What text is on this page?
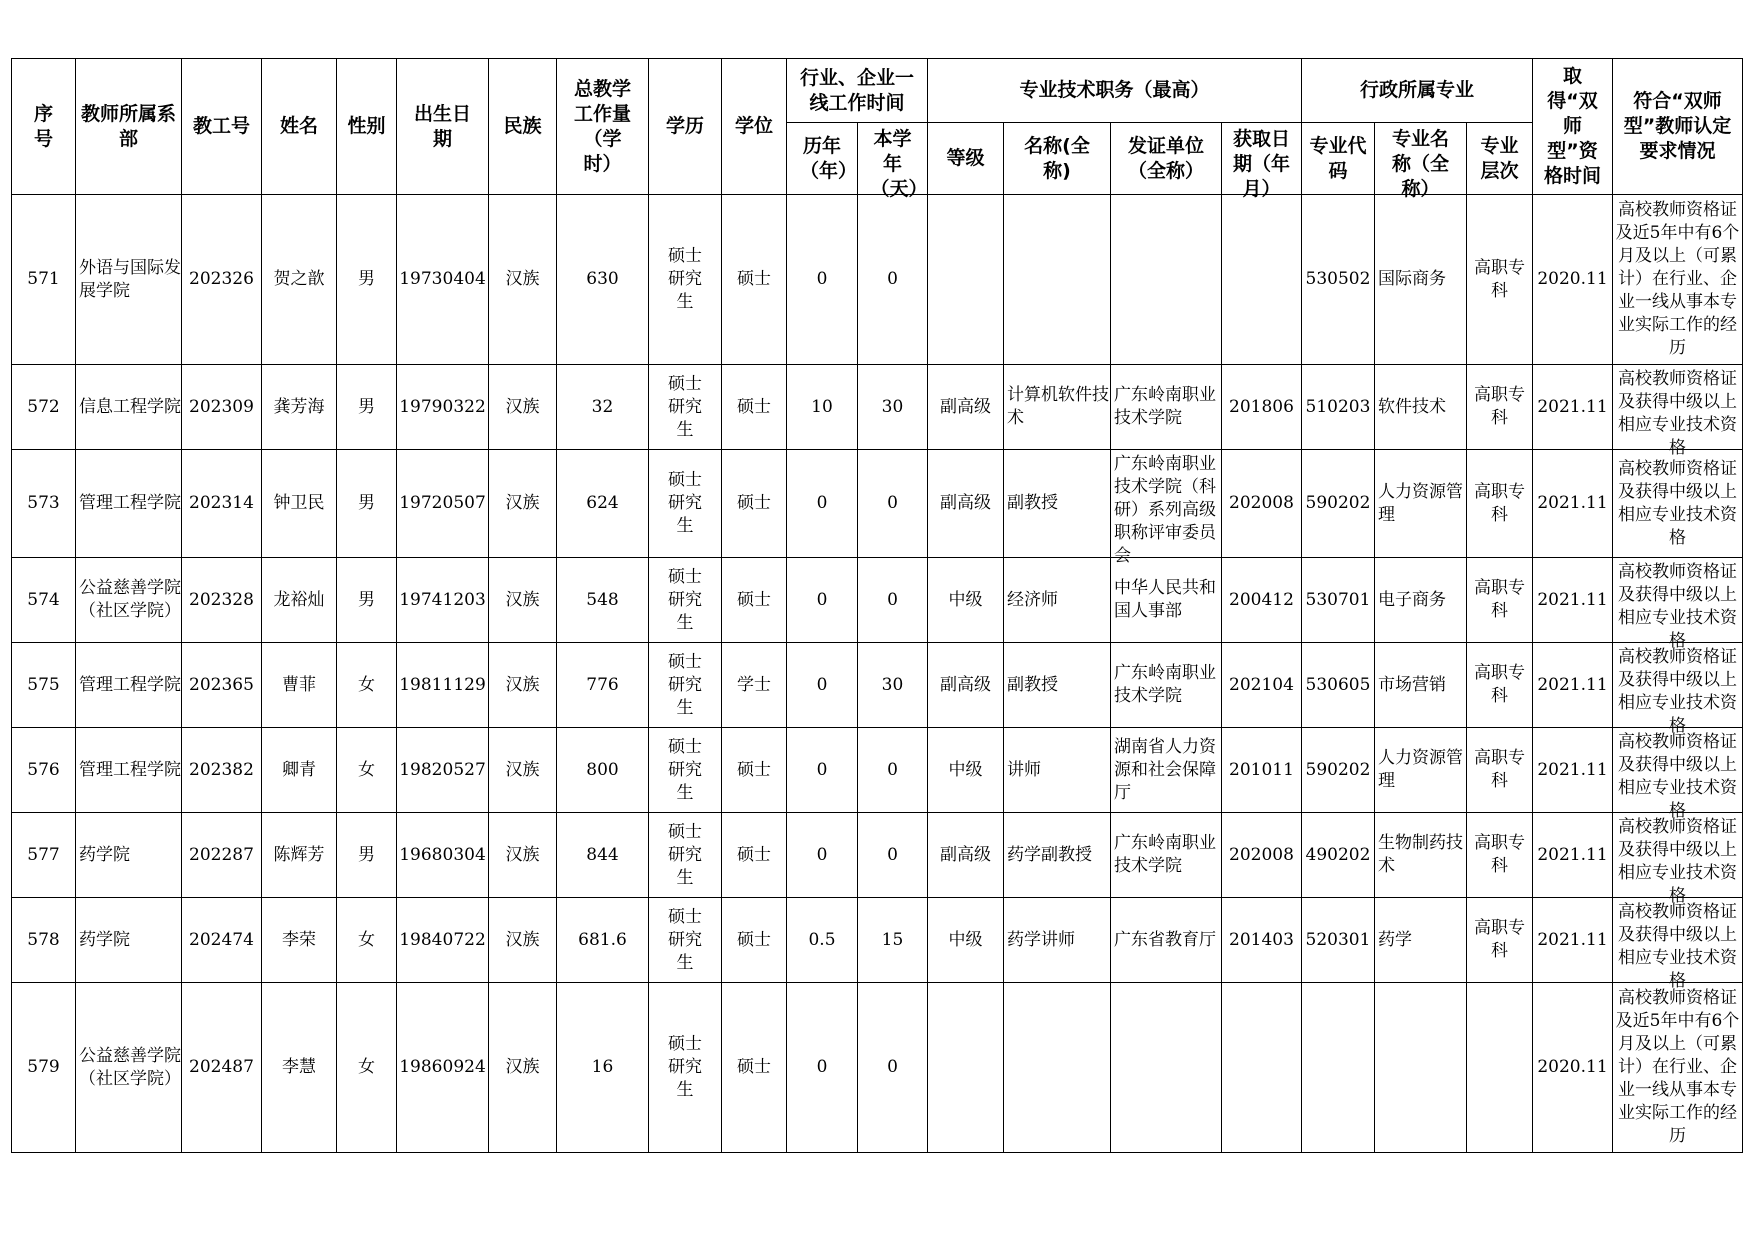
序号	教师所属系部	教工号	姓名	性别	出生日期	民族	总教学工作量（学时）	学历	学位	行业、企业一线工作时间		专业技术职务（最高）				行政所属专业			取得“双师型”资格时间	符合“双师型”教师认定要求情况

										历年（年）	本学年（天）	等级	名称(全称)	发证单位（全称）	获取日期（年月）	专业代码	专业名称（全称）	专业层次		

571	外语与国际发展学院	202326	贺之歆	男	19730404	汉族	630	硕士研究生	硕士	0	0					530502	国际商务	高职专科	2020.11	高校教师资格证及近5年中有6个月及以上（可累计）在行业、企业一线从事本专业实际工作的经历

572	信息工程学院	202309	龚芳海	男	19790322	汉族	32	硕士研究生	硕士	10	30	副高级	计算机软件技术	广东岭南职业技术学院	201806	510203	软件技术	高职专科	2021.11	高校教师资格证及获得中级以上相应专业技术资格

573	管理工程学院	202314	钟卫民	男	19720507	汉族	624	硕士研究生	硕士	0	0	副高级	副教授	广东岭南职业技术学院（科研）系列高级职称评审委员会	202008	590202	人力资源管理	高职专科	2021.11	高校教师资格证及获得中级以上相应专业技术资格

574	公益慈善学院（社区学院）	202328	龙裕灿	男	19741203	汉族	548	硕士研究生	硕士	0	0	中级	经济师	中华人民共和国人事部	200412	530701	电子商务	高职专科	2021.11	高校教师资格证及获得中级以上相应专业技术资格

575	管理工程学院	202365	曹菲	女	19811129	汉族	776	硕士研究生	学士	0	30	副高级	副教授	广东岭南职业技术学院	202104	530605	市场营销	高职专科	2021.11	高校教师资格证及获得中级以上相应专业技术资格

576	管理工程学院	202382	卿青	女	19820527	汉族	800	硕士研究生	硕士	0	0	中级	讲师	湖南省人力资源和社会保障厅	201011	590202	人力资源管理	高职专科	2021.11	高校教师资格证及获得中级以上相应专业技术资格

577	药学院	202287	陈辉芳	男	19680304	汉族	844	硕士研究生	硕士	0	0	副高级	药学副教授	广东岭南职业技术学院	202008	490202	生物制药技术	高职专科	2021.11	高校教师资格证及获得中级以上相应专业技术资格

578	药学院	202474	李荣	女	19840722	汉族	681.6	硕士研究生	硕士	0.5	15	中级	药学讲师	广东省教育厅	201403	520301	药学	高职专科	2021.11	高校教师资格证及获得中级以上相应专业技术资格

579	公益慈善学院（社区学院）	202487	李慧	女	19860924	汉族	16	硕士研究生	硕士	0	0								2020.11	高校教师资格证及近5年中有6个月及以上（可累计）在行业、企业一线从事本专业实际工作的经历
